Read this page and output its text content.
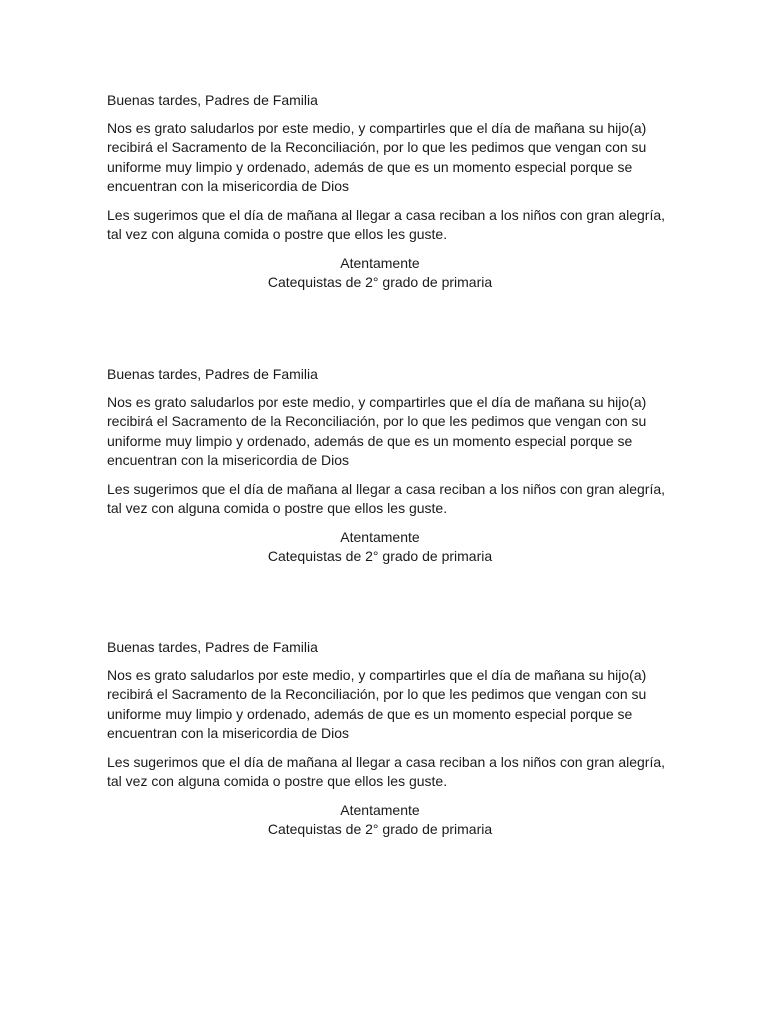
Buenas tardes, Padres de Familia

Nos es grato saludarlos por este medio, y compartirles que el día de mañana su hijo(a) recibirá el Sacramento de la Reconciliación, por lo que les pedimos que vengan con su uniforme muy limpio y ordenado, además de que es un momento especial porque se encuentran con la misericordia de Dios

Les sugerimos que el día de mañana al llegar a casa reciban a los niños con gran alegría, tal vez con alguna comida o postre que ellos les guste.

Atentamente
Catequistas de 2° grado de primaria

Buenas tardes, Padres de Familia

Nos es grato saludarlos por este medio, y compartirles que el día de mañana su hijo(a) recibirá el Sacramento de la Reconciliación, por lo que les pedimos que vengan con su uniforme muy limpio y ordenado, además de que es un momento especial porque se encuentran con la misericordia de Dios

Les sugerimos que el día de mañana al llegar a casa reciban a los niños con gran alegría, tal vez con alguna comida o postre que ellos les guste.

Atentamente
Catequistas de 2° grado de primaria

Buenas tardes, Padres de Familia

Nos es grato saludarlos por este medio, y compartirles que el día de mañana su hijo(a) recibirá el Sacramento de la Reconciliación, por lo que les pedimos que vengan con su uniforme muy limpio y ordenado, además de que es un momento especial porque se encuentran con la misericordia de Dios

Les sugerimos que el día de mañana al llegar a casa reciban a los niños con gran alegría, tal vez con alguna comida o postre que ellos les guste.

Atentamente
Catequistas de 2° grado de primaria
